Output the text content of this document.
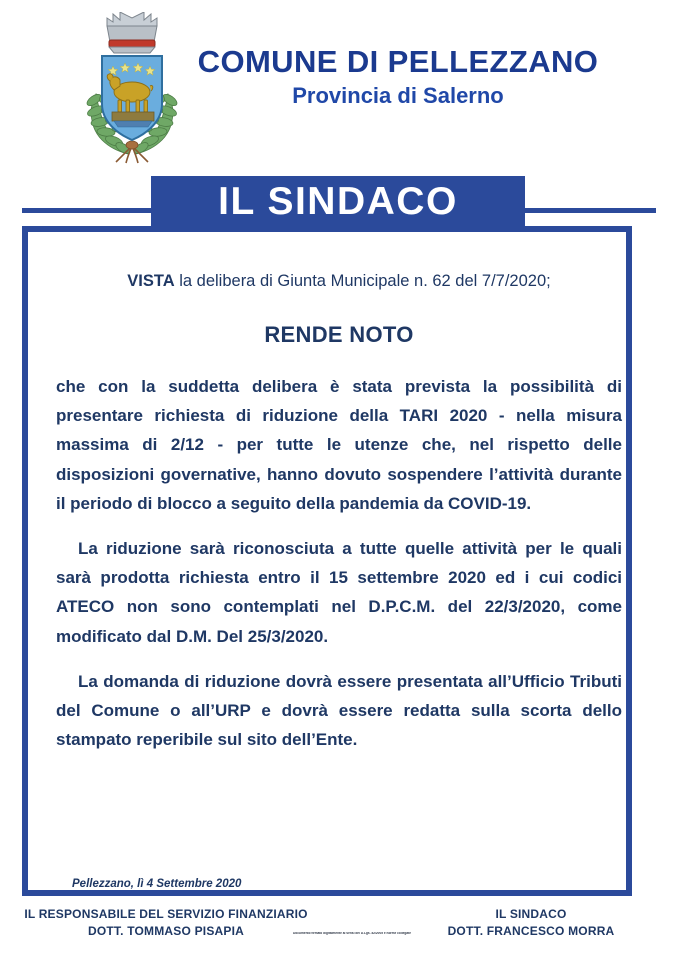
COMUNE DI PELLEZZANO
Provincia di Salerno
IL SINDACO
VISTA la delibera di Giunta Municipale n. 62 del 7/7/2020;
RENDE NOTO

che con la suddetta delibera è stata prevista la possibilità di presentare richiesta di riduzione della TARI 2020 - nella misura massima di 2/12 - per tutte le utenze che, nel rispetto delle disposizioni governative, hanno dovuto sospendere l’attività durante il periodo di blocco a seguito della pandemia da COVID-19.

La riduzione sarà riconosciuta a tutte quelle attività per le quali sarà prodotta richiesta entro il 15 settembre 2020 ed i cui codici ATECO non sono contemplati nel D.P.C.M. del 22/3/2020, come modificato dal D.M. Del 25/3/2020.

La domanda di riduzione dovrà essere presentata all’Ufficio Tributi del Comune o all’URP e dovrà essere redatta sulla scorta dello stampato reperibile sul sito dell’Ente.

Pellezzano, lì 4 Settembre 2020
IL RESPONSABILE DEL SERVIZIO FINANZIARIO
DOTT. TOMMASO PISAPIA
IL SINDACO
DOTT. FRANCESCO MORRA
Documento firmato digitalmente ai sensi del D.Lgs. 82/2005 e norme collegate
